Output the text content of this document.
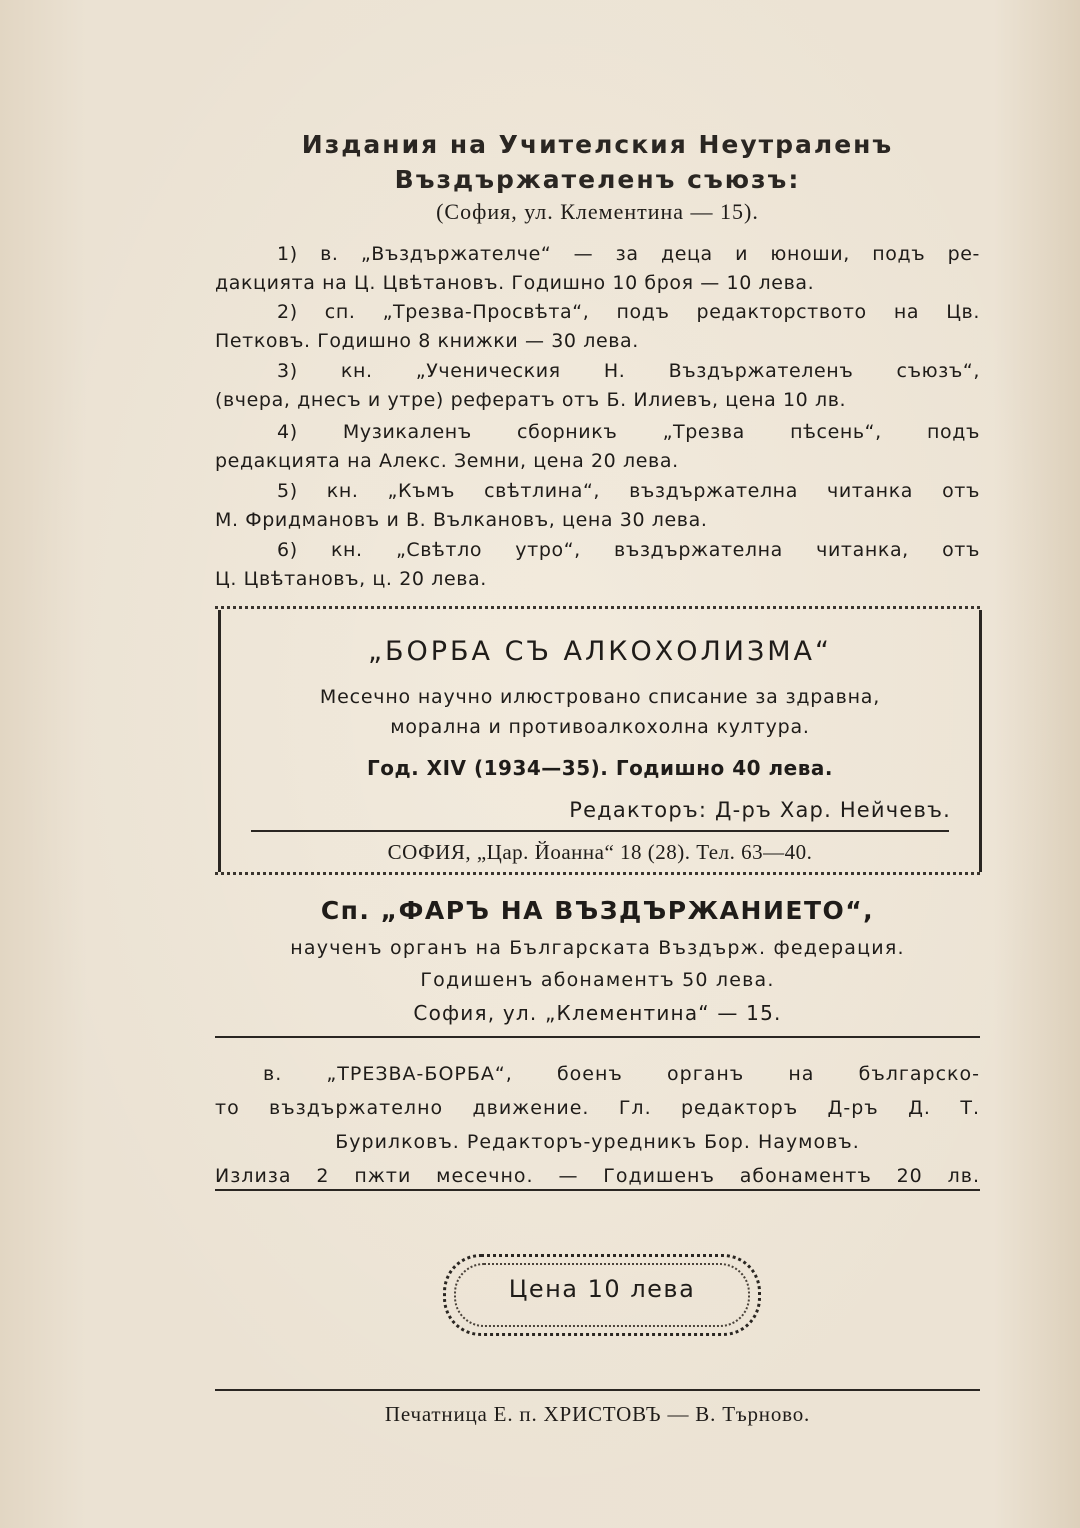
Издания на Учителския Неутраленъ
Въздържателенъ съюзъ:
(София, ул. Клементина — 15).
1) в. „Въздържателче“ — за деца и юноши, подъ ре-
дакцията на Ц. Цвѣтановъ. Годишно 10 броя — 10 лева.
2) сп. „Трезва-Просвѣта“, подъ редакторството на Цв.
Петковъ. Годишно 8 книжки — 30 лева.
3) кн. „Ученическия Н. Въздържателенъ съюзъ“,
(вчера, днесъ и утре) рефератъ отъ Б. Илиевъ, цена 10 лв.
4) Музикаленъ сборникъ „Трезва пѣсень“, подъ
редакцията на Алекс. Земни, цена 20 лева.
5) кн. „Къмъ свѣтлина“, въздържателна читанка отъ
М. Фридмановъ и В. Вълкановъ, цена 30 лева.
6) кн. „Свѣтло утро“, въздържателна читанка, отъ
Ц. Цвѣтановъ, ц. 20 лева.
„БОРБА СЪ АЛКОХОЛИЗМА“
Месечно научно илюстровано списание за здравна,
морална и противоалкохолна култура.
Год. XIV (1934—35). Годишно 40 лева.
Редакторъ: Д-ръ Хар. Нейчевъ.
СОФИЯ, „Цар. Йоанна“ 18 (28). Тел. 63—40.
Сп. „ФАРЪ НА ВЪЗДЪРЖАНИЕТО“,
наученъ органъ на Българската Въздърж. федерация.
Годишенъ абонаментъ 50 лева.
София, ул. „Клементина“ — 15.
в. „ТРЕЗВА-БОРБА“, боенъ органъ на българско-
то въздържателно движение. Гл. редакторъ Д-ръ Д. Т.
Бурилковъ. Редакторъ-уредникъ Бор. Наумовъ.
Излиза 2 пжти месечно. — Годишенъ абонаментъ 20 лв.
Цена 10 лева
Печатница Е. п. ХРИСТОВЪ — В. Търново.
